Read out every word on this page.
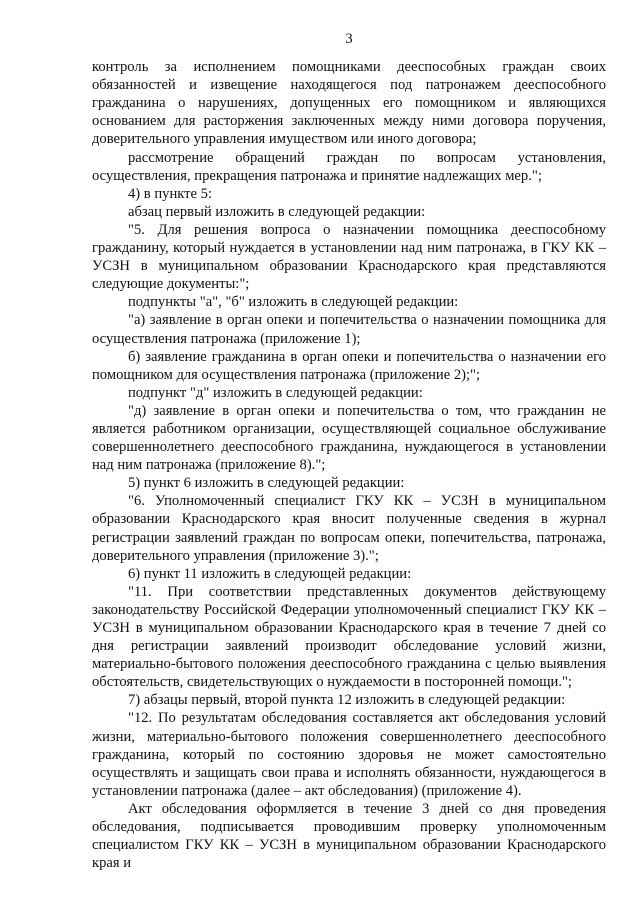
3

контроль за исполнением помощниками дееспособных граждан своих обязанностей и извещение находящегося под патронажем дееспособного гражданина о нарушениях, допущенных его помощником и являющихся основанием для расторжения заключенных между ними договора поручения, доверительного управления имуществом или иного договора;

рассмотрение обращений граждан по вопросам установления, осуществления, прекращения патронажа и принятие надлежащих мер.";

4) в пункте 5:

абзац первый изложить в следующей редакции:

"5. Для решения вопроса о назначении помощника дееспособному гражданину, который нуждается в установлении над ним патронажа, в ГКУ КК – УСЗН в муниципальном образовании Краснодарского края представляются следующие документы:";

подпункты "а", "б" изложить в следующей редакции:

"а) заявление в орган опеки и попечительства о назначении помощника для осуществления патронажа (приложение 1);

б) заявление гражданина в орган опеки и попечительства о назначении его помощником для осуществления патронажа (приложение 2);";

подпункт "д" изложить в следующей редакции:

"д) заявление в орган опеки и попечительства о том, что гражданин не является работником организации, осуществляющей социальное обслуживание совершеннолетнего дееспособного гражданина, нуждающегося в установлении над ним патронажа (приложение 8).";

5) пункт 6 изложить в следующей редакции:

"6. Уполномоченный специалист ГКУ КК – УСЗН в муниципальном образовании Краснодарского края вносит полученные сведения в журнал регистрации заявлений граждан по вопросам опеки, попечительства, патронажа, доверительного управления (приложение 3).";

6) пункт 11 изложить в следующей редакции:

"11. При соответствии представленных документов действующему законодательству Российской Федерации уполномоченный специалист ГКУ КК – УСЗН в муниципальном образовании Краснодарского края в течение 7 дней со дня регистрации заявлений производит обследование условий жизни, материально-бытового положения дееспособного гражданина с целью выявления обстоятельств, свидетельствующих о нуждаемости в посторонней помощи.";

7) абзацы первый, второй пункта 12 изложить в следующей редакции:

"12. По результатам обследования составляется акт обследования условий жизни, материально-бытового положения совершеннолетнего дееспособного гражданина, который по состоянию здоровья не может самостоятельно осуществлять и защищать свои права и исполнять обязанности, нуждающегося в установлении патронажа (далее – акт обследования) (приложение 4).

Акт обследования оформляется в течение 3 дней со дня проведения обследования, подписывается проводившим проверку уполномоченным специалистом ГКУ КК – УСЗН в муниципальном образовании Краснодарского края и
